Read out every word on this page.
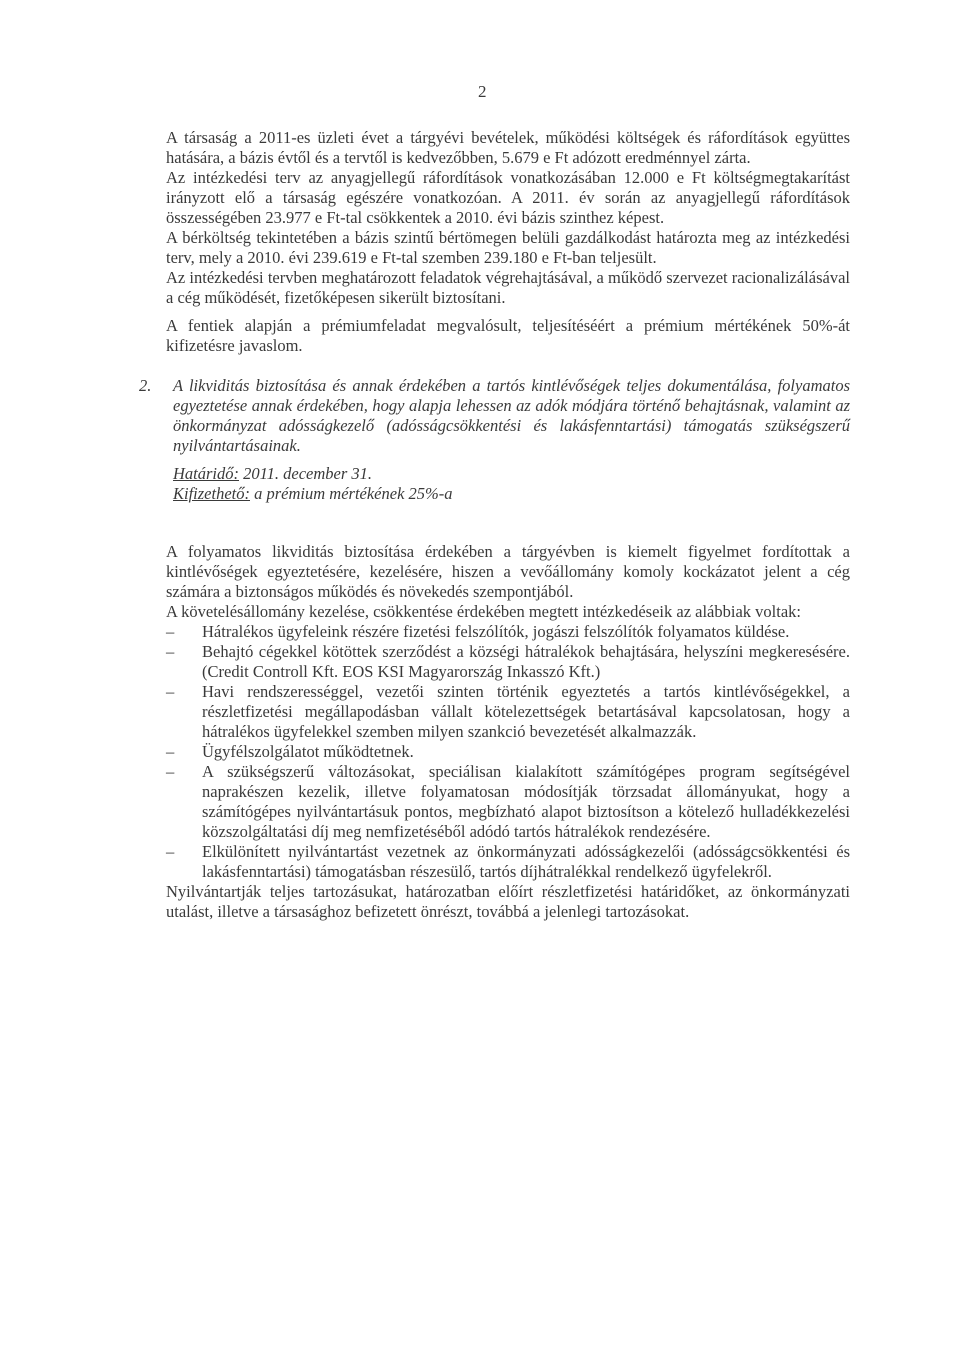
2

A társaság a 2011-es üzleti évet a tárgyévi bevételek, működési költségek és ráfordítások együttes hatására, a bázis évtől és a tervtől is kedvezőbben, 5.679 e Ft adózott eredménnyel zárta.

Az intézkedési terv az anyagjellegű ráfordítások vonatkozásában 12.000 e Ft költségmegtakarítást irányzott elő a társaság egészére vonatkozóan. A 2011. év során az anyagjellegű ráfordítások összességében 23.977 e Ft-tal csökkentek a 2010. évi bázis szinthez képest.

A bérköltség tekintetében a bázis szintű bértömegen belüli gazdálkodást határozta meg az intézkedési terv, mely a 2010. évi 239.619 e Ft-tal szemben 239.180 e Ft-ban teljesült.

Az intézkedési tervben meghatározott feladatok végrehajtásával, a működő szervezet racionalizálásával a cég működését, fizetőképesen sikerült biztosítani.

A fentiek alapján a prémiumfeladat megvalósult, teljesítéséért a prémium mértékének 50%-át kifizetésre javaslom.

2. A likviditás biztosítása és annak érdekében a tartós kintlévőségek teljes dokumentálása, folyamatos egyeztetése annak érdekében, hogy alapja lehessen az adók módjára történő behajtásnak, valamint az önkormányzat adósságkezelő (adósságcsökkentési és lakásfenntartási) támogatás szükségszerű nyilvántartásainak.

Határidő: 2011. december 31.
Kifizethető: a prémium mértékének 25%-a

A folyamatos likviditás biztosítása érdekében a tárgyévben is kiemelt figyelmet fordítottak a kintlévőségek egyeztetésére, kezelésére, hiszen a vevőállomány komoly kockázatot jelent a cég számára a biztonságos működés és növekedés szempontjából.

A követelésállomány kezelése, csökkentése érdekében megtett intézkedéseik az alábbiak voltak:

– Hátralékos ügyfeleink részére fizetési felszólítók, jogászi felszólítók folyamatos küldése.
– Behajtó cégekkel kötöttek szerződést a községi hátralékok behajtására, helyszíni megkeresésére.(Credit Controll Kft. EOS KSI Magyarország Inkasszó Kft.)
– Havi rendszerességgel, vezetői szinten történik egyeztetés a tartós kintlévőségekkel, a részletfizetési megállapodásban vállalt kötelezettségek betartásával kapcsolatosan, hogy a hátralékos ügyfelekkel szemben milyen szankció bevezetését alkalmazzák.
– Ügyfélszolgálatot működtetnek.
– A szükségszerű változásokat, speciálisan kialakított számítógépes program segítségével naprakészen kezelik, illetve folyamatosan módosítják törzsadat állományukat, hogy a számítógépes nyilvántartásuk pontos, megbízható alapot biztosítson a kötelező hulladékkezelési közszolgáltatási díj meg nemfizetéséből adódó tartós hátralékok rendezésére.
– Elkülönített nyilvántartást vezetnek az önkormányzati adósságkezelői (adósságcsökkentési és lakásfenntartási) támogatásban részesülő, tartós díjhátralékkal rendelkező ügyfelekről.

Nyilvántartják teljes tartozásukat, határozatban előírt részletfizetési határidőket, az önkormányzati utalást, illetve a társasághoz befizetett önrészt, továbbá a jelenlegi tartozásokat.
